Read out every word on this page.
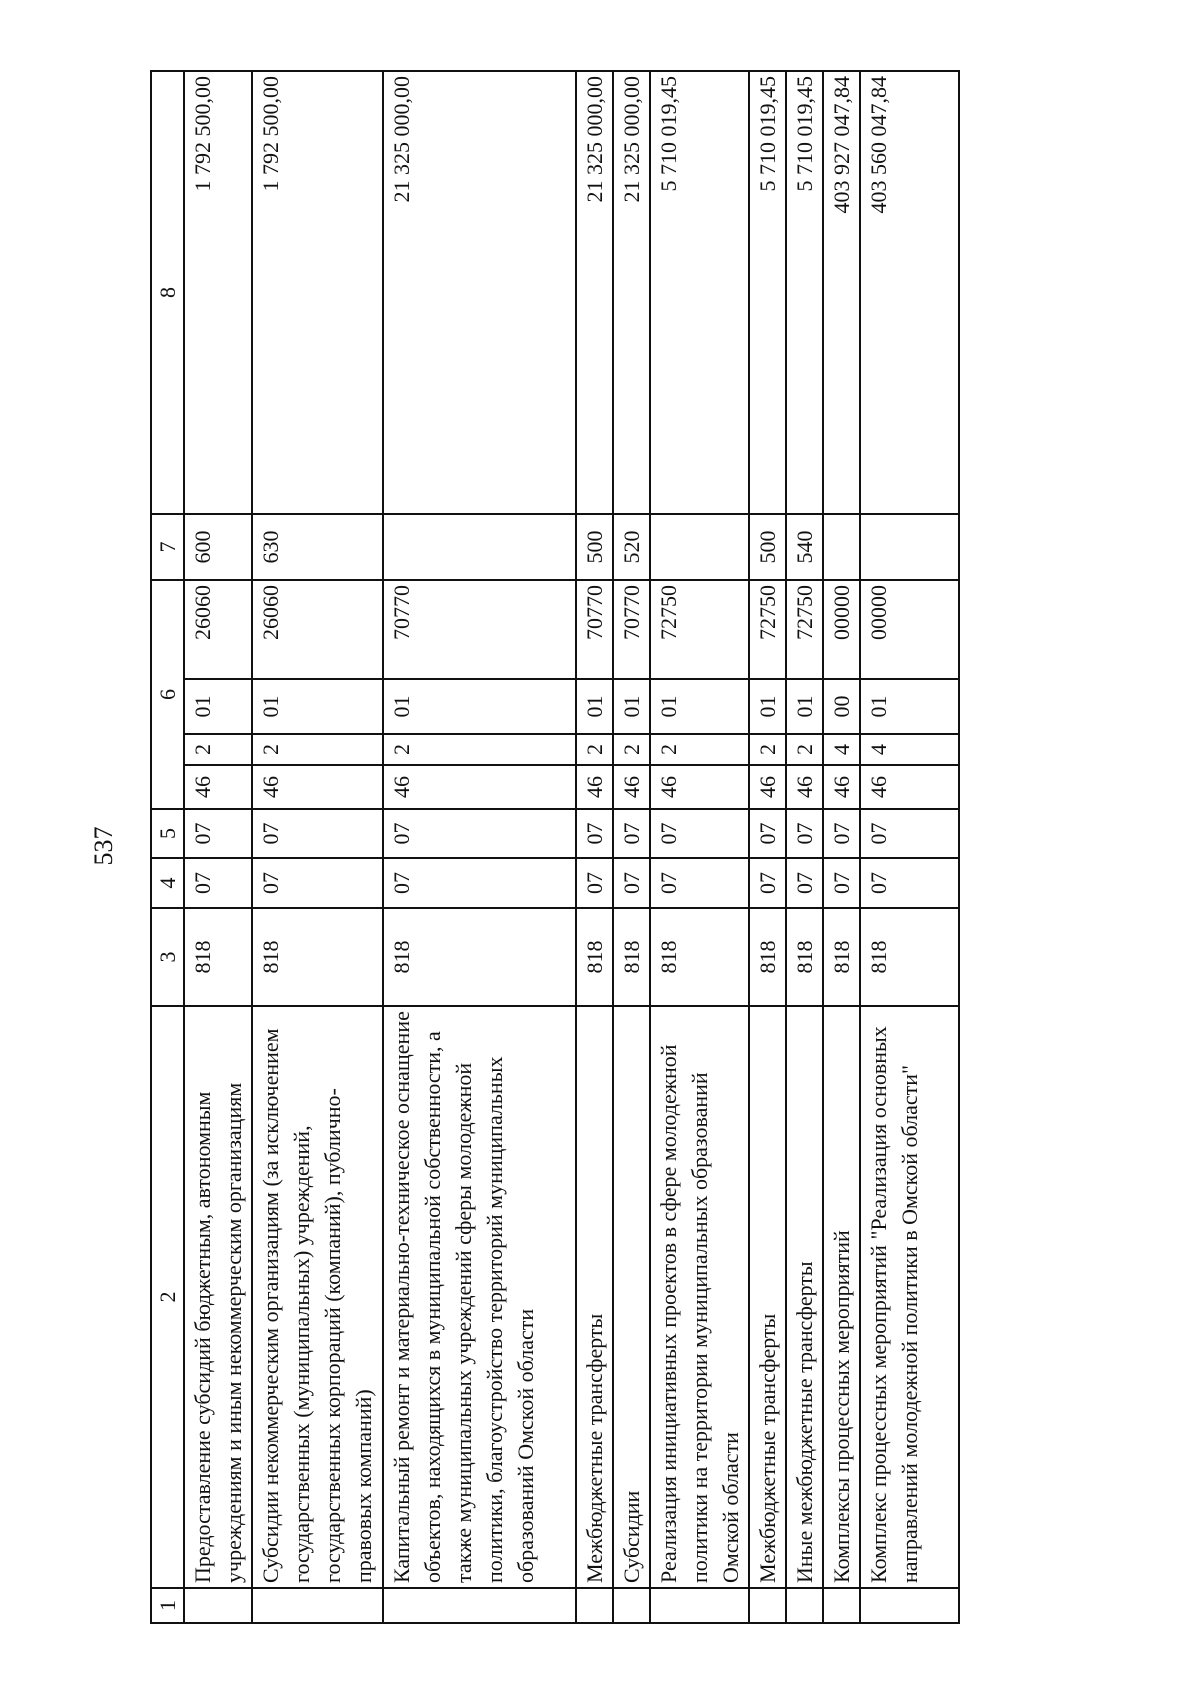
537
1	2	3	4	5	6				7	8
	Предоставление субсидий бюджетным, автономным учреждениям и иным некоммерческим организациям	818	07	07	46	2	01	26060	600	1 792 500,00
	Субсидии некоммерческим организациям (за исключением государственных (муниципальных) учреждений, государственных корпораций (компаний), публично-правовых компаний)	818	07	07	46	2	01	26060	630	1 792 500,00
	Капитальный ремонт и материально-техническое оснащение объектов, находящихся в муниципальной собственности, а также муниципальных учреждений сферы молодежной политики, благоустройство территорий муниципальных образований Омской области	818	07	07	46	2	01	70770		21 325 000,00
	Межбюджетные трансферты	818	07	07	46	2	01	70770	500	21 325 000,00
	Субсидии	818	07	07	46	2	01	70770	520	21 325 000,00
	Реализация инициативных проектов в сфере молодежной политики на территории муниципальных образований Омской области	818	07	07	46	2	01	72750		5 710 019,45
	Межбюджетные трансферты	818	07	07	46	2	01	72750	500	5 710 019,45
	Иные межбюджетные трансферты	818	07	07	46	2	01	72750	540	5 710 019,45
	Комплексы процессных мероприятий	818	07	07	46	4	00	00000		403 927 047,84
	Комплекс процессных мероприятий "Реализация основных направлений молодежной политики в Омской области"	818	07	07	46	4	01	00000		403 560 047,84
